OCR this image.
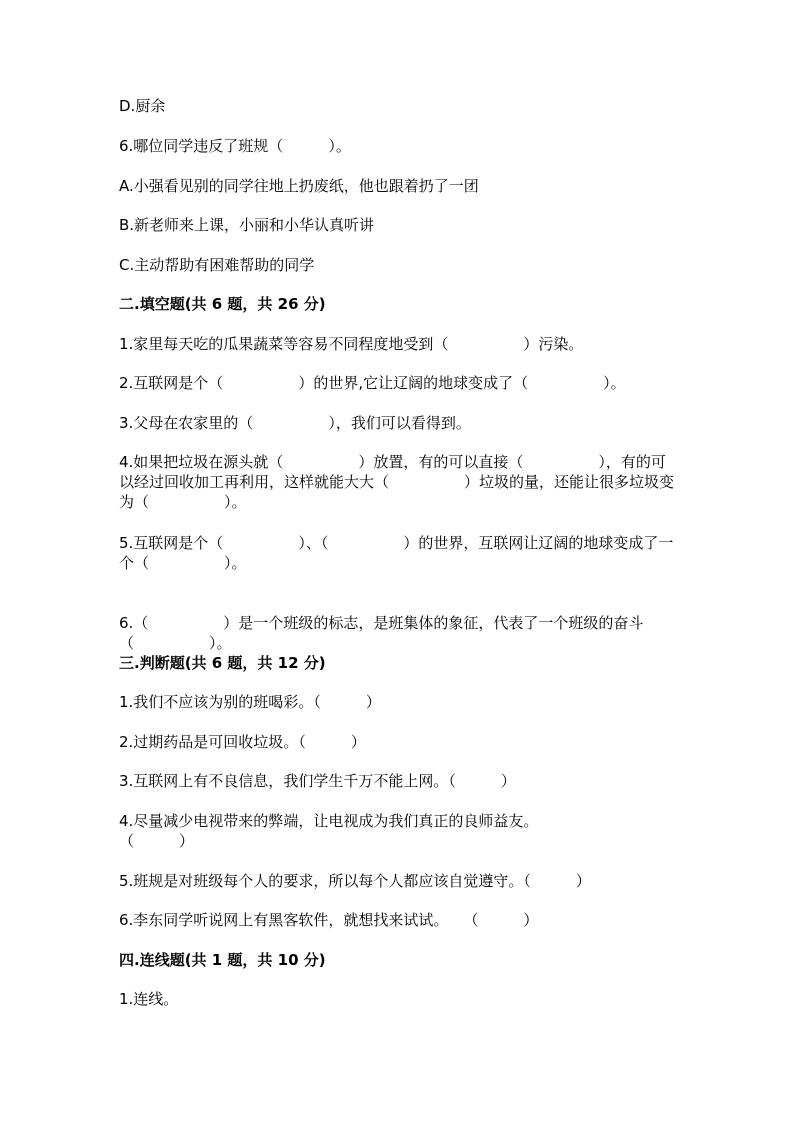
D.厨余

6.哪位同学违反了班规（　　　）。

A.小强看见别的同学往地上扔废纸，他也跟着扔了一团

B.新老师来上课，小丽和小华认真听讲

C.主动帮助有困难帮助的同学

二.填空题(共 6 题，共 26 分)

1.家里每天吃的瓜果蔬菜等容易不同程度地受到（　　　　　）污染。

2.互联网是个（　　　　　）的世界,它让辽阔的地球变成了（　　　　　）。

3.父母在农家里的（　　　　　），我们可以看得到。

4.如果把垃圾在源头就（　　　　　）放置，有的可以直接（　　　　　），有的可以经过回收加工再利用，这样就能大大（　　　　　）垃圾的量，还能让很多垃圾变为（　　　　　）。

5.互联网是个（　　　　　）、（　　　　　）的世界，互联网让辽阔的地球变成了一个（　　　　　）。

6.（　　　　　）是一个班级的标志，是班集体的象征，代表了一个班级的奋斗（　　　　　）。

三.判断题(共 6 题，共 12 分)

1.我们不应该为别的班喝彩。（　　　）

2.过期药品是可回收垃圾。（　　　）

3.互联网上有不良信息，我们学生千万不能上网。（　　　）

4.尽量减少电视带来的弊端，让电视成为我们真正的良师益友。（　　　）

5.班规是对班级每个人的要求，所以每个人都应该自觉遵守。（　　　）

6.李东同学听说网上有黑客软件，就想找来试试。　　（　　　）

四.连线题(共 1 题，共 10 分)

1.连线。
